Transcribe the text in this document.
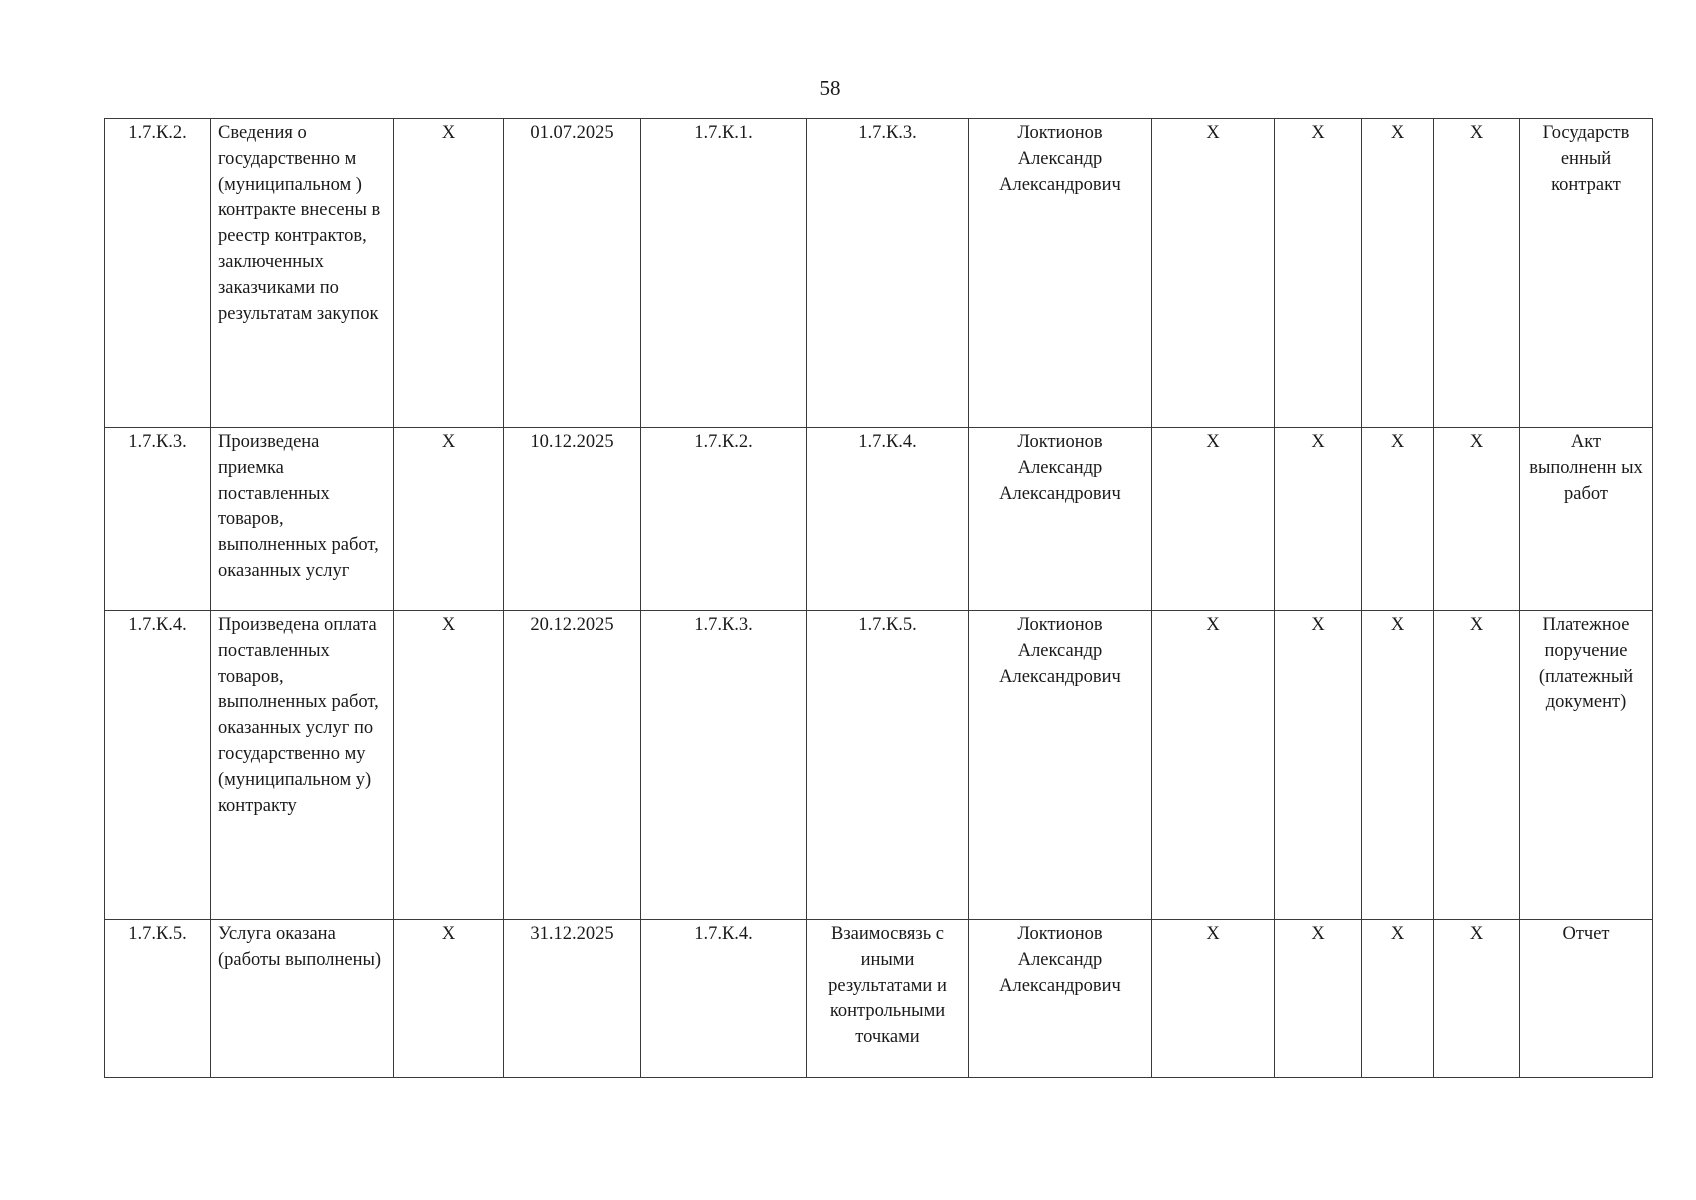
58
1.7.К.2.	Сведения о государственно м (муниципальном ) контракте внесены в реестр контрактов, заключенных заказчиками по результатам закупок	X	01.07.2025	1.7.К.1.	1.7.К.3.	Локтионов Александр Александрович	X	X	X	X	Государств енный контракт
1.7.К.3.	Произведена приемка поставленных товаров, выполненных работ, оказанных услуг	X	10.12.2025	1.7.К.2.	1.7.К.4.	Локтионов Александр Александрович	X	X	X	X	Акт выполненн ых работ
1.7.К.4.	Произведена оплата поставленных товаров, выполненных работ, оказанных услуг по государственно му (муниципальном у) контракту	X	20.12.2025	1.7.К.3.	1.7.К.5.	Локтионов Александр Александрович	X	X	X	X	Платежное поручение (платежный документ)
1.7.К.5.	Услуга оказана (работы выполнены)	X	31.12.2025	1.7.К.4.	Взаимосвязь с иными результатами и контрольными точками	Локтионов Александр Александрович	X	X	X	X	Отчет
